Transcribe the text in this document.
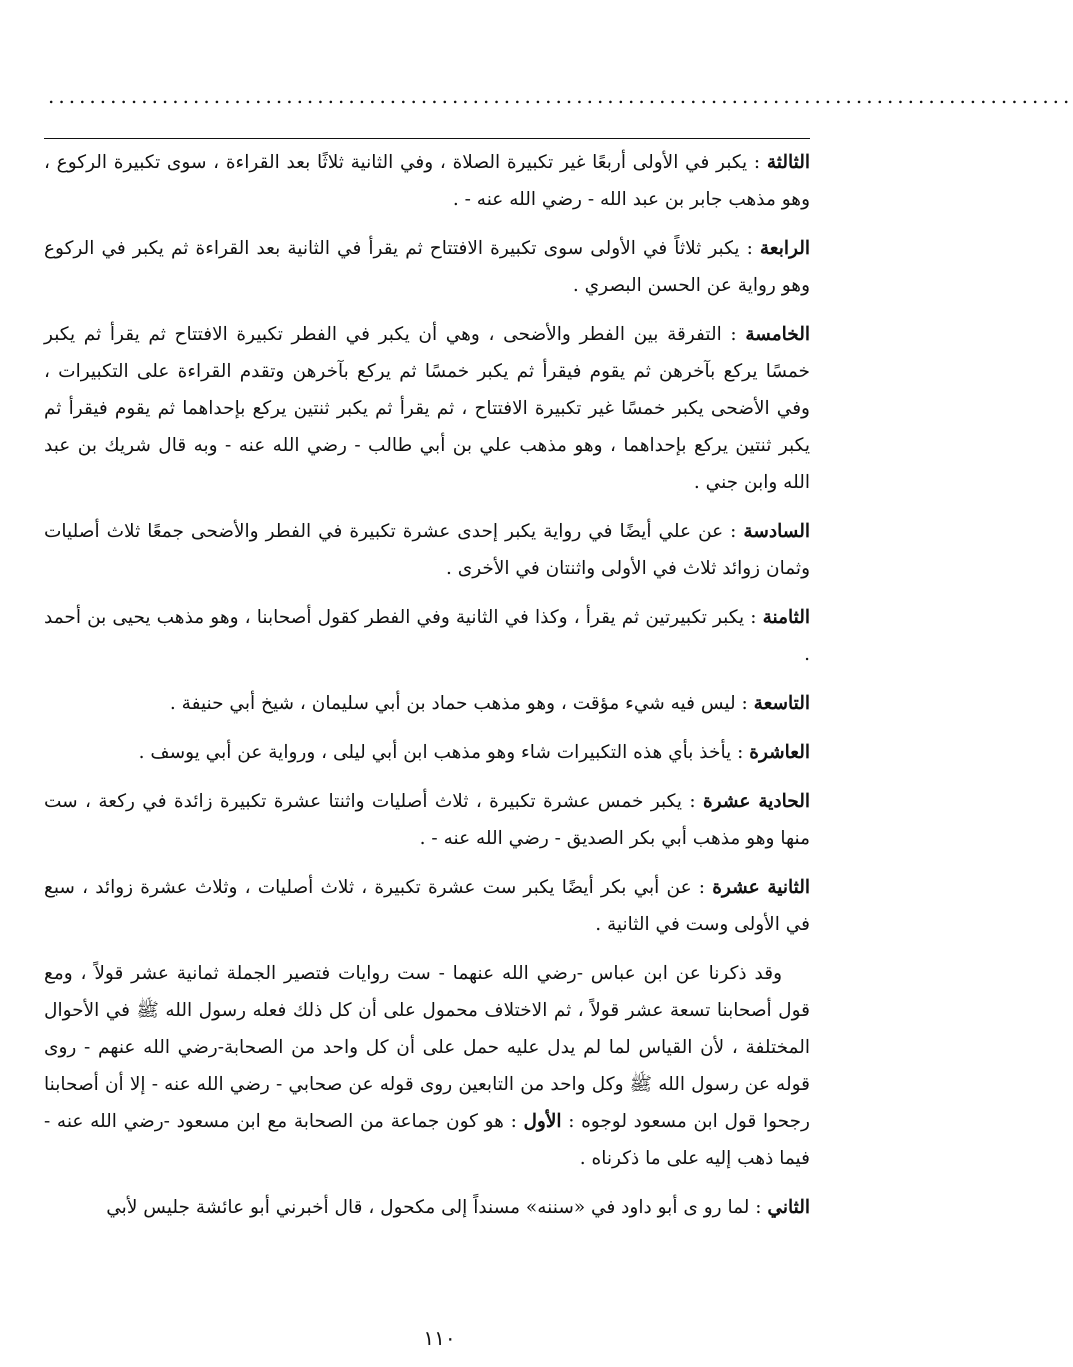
...................................................................................................

الثالثة : يكبر في الأولى أربعًا غير تكبيرة الصلاة ، وفي الثانية ثلاثًا بعد القراءة ، سوى تكبيرة الركوع ، وهو مذهب جابر بن عبد الله - رضي الله عنه - .

الرابعة : يكبر ثلاثاً في الأولى سوى تكبيرة الافتتاح ثم يقرأ في الثانية بعد القراءة ثم يكبر في الركوع وهو رواية عن الحسن البصري .

الخامسة : التفرقة بين الفطر والأضحى ، وهي أن يكبر في الفطر تكبيرة الافتتاح ثم يقرأ ثم يكبر خمسًا يركع بآخرهن ثم يقوم فيقرأ ثم يكبر خمسًا ثم يركع بآخرهن وتقدم القراءة على التكبيرات ، وفي الأضحى يكبر خمسًا غير تكبيرة الافتتاح ، ثم يقرأ ثم يكبر ثنتين يركع بإحداهما ثم يقوم فيقرأ ثم يكبر ثنتين يركع بإحداهما ، وهو مذهب علي بن أبي طالب - رضي الله عنه - وبه قال شريك بن عبد الله وابن جني .

السادسة : عن علي أيضًا في رواية يكبر إحدى عشرة تكبيرة في الفطر والأضحى جمعًا ثلاث أصليات وثمان زوائد ثلاث في الأولى واثنتان في الأخرى .

الثامنة : يكبر تكبيرتين ثم يقرأ ، وكذا في الثانية وفي الفطر كقول أصحابنا ، وهو مذهب يحيى بن أحمد .

التاسعة : ليس فيه شيء مؤقت ، وهو مذهب حماد بن أبي سليمان ، شيخ أبي حنيفة .

العاشرة : يأخذ بأي هذه التكبيرات شاء وهو مذهب ابن أبي ليلى ، ورواية عن أبي يوسف .

الحادية عشرة : يكبر خمس عشرة تكبيرة ، ثلاث أصليات واثنتا عشرة تكبيرة زائدة في ركعة ، ست منها وهو مذهب أبي بكر الصديق - رضي الله عنه - .

الثانية عشرة : عن أبي بكر أيضًا يكبر ست عشرة تكبيرة ، ثلاث أصليات ، وثلاث عشرة زوائد ، سبع في الأولى وست في الثانية .

وقد ذكرنا عن ابن عباس -رضي الله عنهما - ست روايات فتصير الجملة ثمانية عشر قولاً ، ومع قول أصحابنا تسعة عشر قولاً ، ثم الاختلاف محمول على أن كل ذلك فعله رسول الله ﷺ في الأحوال المختلفة ، لأن القياس لما لم يدل عليه حمل على أن كل واحد من الصحابة-رضي الله عنهم - روى قوله عن رسول الله ﷺ وكل واحد من التابعين روى قوله عن صحابي - رضي الله عنه - إلا أن أصحابنا رجحوا قول ابن مسعود لوجوه : الأول : هو كون جماعة من الصحابة مع ابن مسعود -رضي الله عنه - فيما ذهب إليه على ما ذكرناه .

الثاني : لما رو ى أبو داود في «سننه» مسنداً إلى مكحول ، قال أخبرني أبو عائشة جليس لأبي

١١٠
